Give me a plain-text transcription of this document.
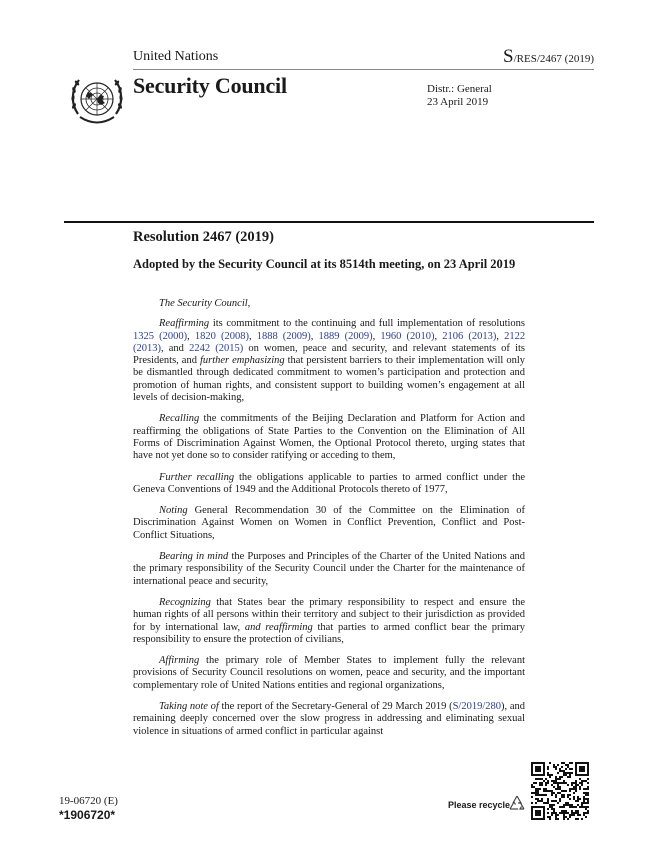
United Nations	S/RES/2467 (2019)
Security Council	Distr.: General
23 April 2019
Resolution 2467 (2019)
Adopted by the Security Council at its 8514th meeting, on 23 April 2019

The Security Council,

Reaffirming its commitment to the continuing and full implementation of resolutions 1325 (2000), 1820 (2008), 1888 (2009), 1889 (2009), 1960 (2010), 2106 (2013), 2122 (2013), and 2242 (2015) on women, peace and security, and relevant statements of its Presidents, and further emphasizing that persistent barriers to their implementation will only be dismantled through dedicated commitment to women’s participation and protection and promotion of human rights, and consistent support to building women’s engagement at all levels of decision-making,

Recalling the commitments of the Beijing Declaration and Platform for Action and reaffirming the obligations of State Parties to the Convention on the Elimination of All Forms of Discrimination Against Women, the Optional Protocol thereto, urging states that have not yet done so to consider ratifying or acceding to them,

Further recalling the obligations applicable to parties to armed conflict under the Geneva Conventions of 1949 and the Additional Protocols thereto of 1977,

Noting General Recommendation 30 of the Committee on the Elimination of Discrimination Against Women on Women in Conflict Prevention, Conflict and Post-Conflict Situations,

Bearing in mind the Purposes and Principles of the Charter of the United Nations and the primary responsibility of the Security Council under the Charter for the maintenance of international peace and security,

Recognizing that States bear the primary responsibility to respect and ensure the human rights of all persons within their territory and subject to their jurisdiction as provided for by international law, and reaffirming that parties to armed conflict bear the primary responsibility to ensure the protection of civilians,

Affirming the primary role of Member States to implement fully the relevant provisions of Security Council resolutions on women, peace and security, and the important complementary role of United Nations entities and regional organizations,

Taking note of the report of the Secretary-General of 29 March 2019 (S/2019/280), and remaining deeply concerned over the slow progress in addressing and eliminating sexual violence in situations of armed conflict in particular against

19-06720 (E)
*1906720*
Please recycle
